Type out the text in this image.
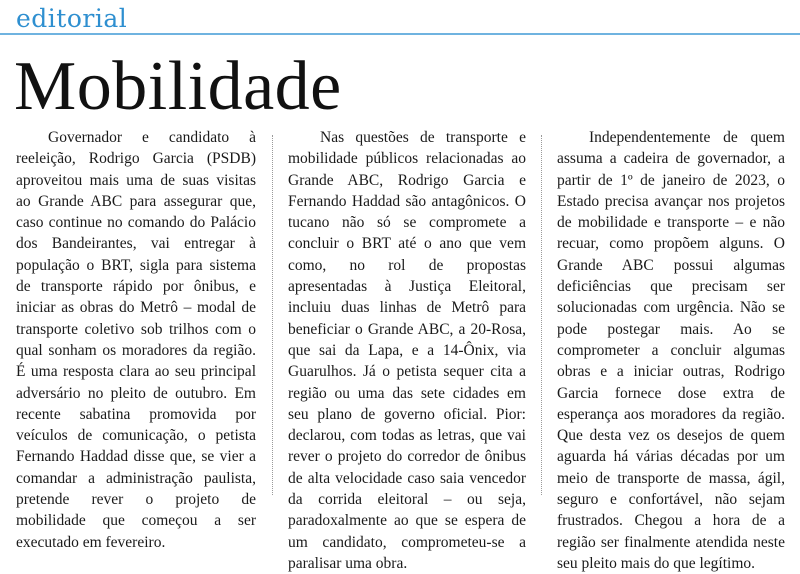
editorial
Mobilidade

Governador e candidato à reeleição, Rodrigo Garcia (PSDB) aproveitou mais uma de suas visitas ao Grande ABC para assegurar que, caso continue no comando do Palácio dos Bandeirantes, vai entregar à população o BRT, sigla para sistema de transporte rápido por ônibus, e iniciar as obras do Metrô – modal de transporte coletivo sob trilhos com o qual sonham os moradores da região. É uma resposta clara ao seu principal adversário no pleito de outubro. Em recente sabatina promovida por veículos de comunicação, o petista Fernando Haddad disse que, se vier a comandar a administração paulista, pretende rever o projeto de mobilidade que começou a ser executado em fevereiro.

Nas questões de transporte e mobilidade públicos relacionadas ao Grande ABC, Rodrigo Garcia e Fernando Haddad são antagônicos. O tucano não só se compromete a concluir o BRT até o ano que vem como, no rol de propostas apresentadas à Justiça Eleitoral, incluiu duas linhas de Metrô para beneficiar o Grande ABC, a 20-Rosa, que sai da Lapa, e a 14-Ônix, via Guarulhos. Já o petista sequer cita a região ou uma das sete cidades em seu plano de governo oficial. Pior: declarou, com todas as letras, que vai rever o projeto do corredor de ônibus de alta velocidade caso saia vencedor da corrida eleitoral – ou seja, paradoxalmente ao que se espera de um candidato, comprometeu-se a paralisar uma obra.

Independentemente de quem assuma a cadeira de governador, a partir de 1º de janeiro de 2023, o Estado precisa avançar nos projetos de mobilidade e transporte – e não recuar, como propõem alguns. O Grande ABC possui algumas deficiências que precisam ser solucionadas com urgência. Não se pode postegar mais. Ao se comprometer a concluir algumas obras e a iniciar outras, Rodrigo Garcia fornece dose extra de esperança aos moradores da região. Que desta vez os desejos de quem aguarda há várias décadas por um meio de transporte de massa, ágil, seguro e confortável, não sejam frustrados. Chegou a hora de a região ser finalmente atendida neste seu pleito mais do que legítimo.
